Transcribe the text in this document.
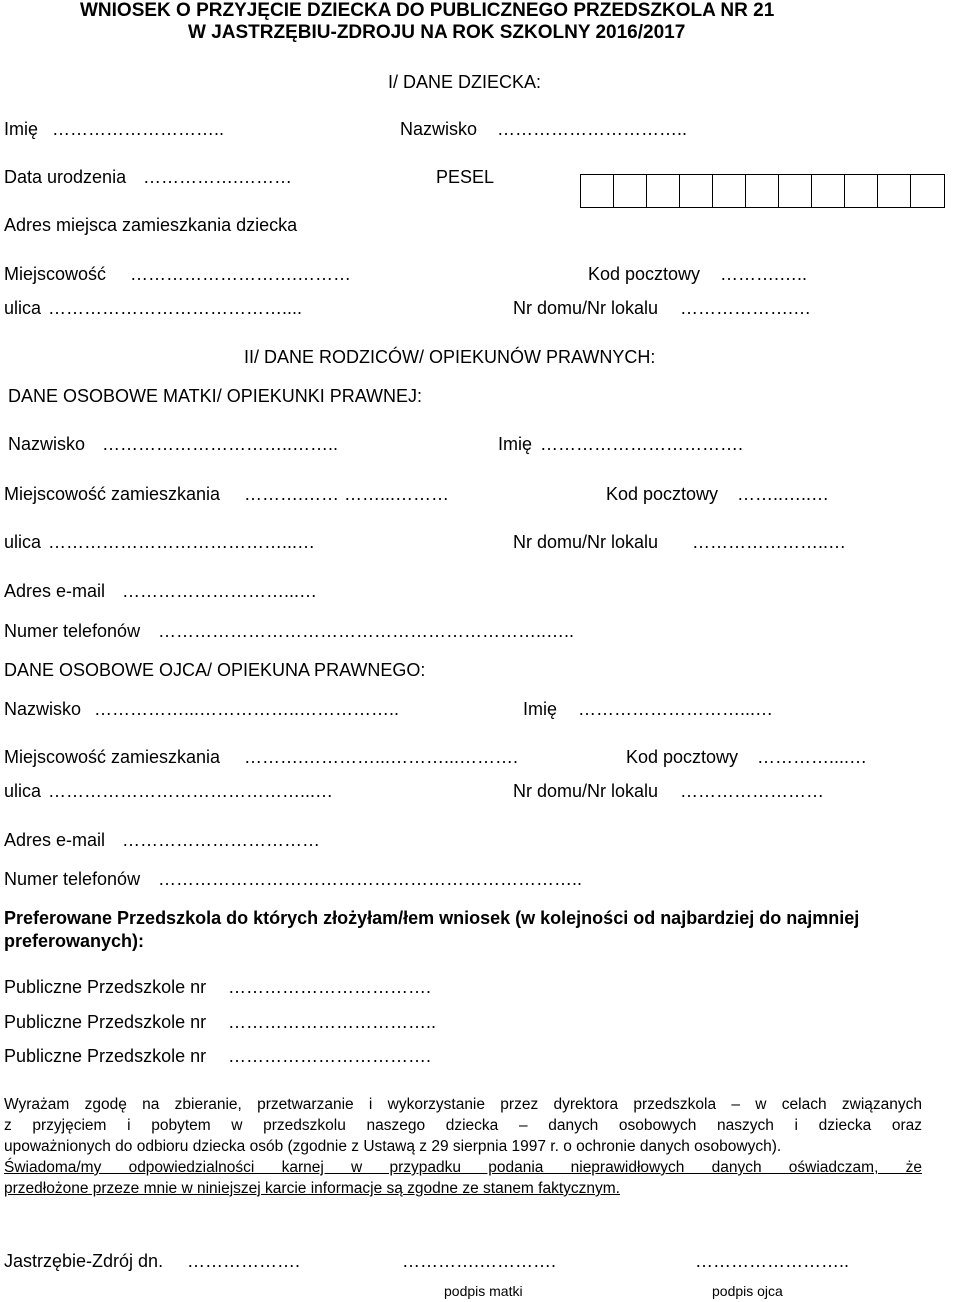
WNIOSEK O PRZYJĘCIE DZIECKA DO PUBLICZNEGO PRZEDSZKOLA NR 21
W JASTRZĘBIU-ZDROJU NA ROK SZKOLNY 2016/2017
I/ DANE DZIECKA:
Imię ………………………..	Nazwisko …………………………..
Data urodzenia …………….………	PESEL
Adres miejsca zamieszkania dziecka
Miejscowość ……………………….………	Kod pocztowy ……….…..
ulica …………………………………....	Nr domu/Nr lokalu ……………….…
II/ DANE RODZICÓW/ OPIEKUNÓW PRAWNYCH:
DANE OSOBOWE MATKI/ OPIEKUNKI PRAWNEJ:
Nazwisko …………………………..……..	Imię …………………………….
Miejscowość zamieszkania ……….…… ……...………	Kod pocztowy ……..…..…
ulica …………………………………...…	Nr domu/Nr lokalu …………………..…
Adres e-mail ………………………...…
Numer telefonów ………………………………………………………..…..
DANE OSOBOWE OJCA/ OPIEKUNA PRAWNEGO:
Nazwisko ……………...……………..……………..	Imię ………………………...…
Miejscowość zamieszkania ……….…………...………...……….	Kod pocztowy …………....…
ulica ……………………………………...…	Nr domu/Nr lokalu ……………………
Adres e-mail ……………………………
Numer telefonów ……………………………………………………………..
Preferowane Przedszkola do których złożyłam/łem wniosek (w kolejności od najbardziej do najmniej
preferowanych):
Publiczne Przedszkole nr …………………………….
Publiczne Przedszkole nr ……………………………..
Publiczne Przedszkole nr …………………………….
Wyrażam zgodę na zbieranie, przetwarzanie i wykorzystanie przez dyrektora przedszkola – w celach związanych
z przyjęciem i pobytem w przedszkolu naszego dziecka – danych osobowych naszych i dziecka oraz
upoważnionych do odbioru dziecka osób (zgodnie z Ustawą z 29 sierpnia 1997 r. o ochronie danych osobowych).
Świadoma/my odpowiedzialności karnej w przypadku podania nieprawidłowych danych oświadczam, że
przedłożone przeze mnie w niniejszej karcie informacje są zgodne ze stanem faktycznym.
Jastrzębie-Zdrój dn. ……………….	………….………….	……………………..
podpis matki	podpis ojca
